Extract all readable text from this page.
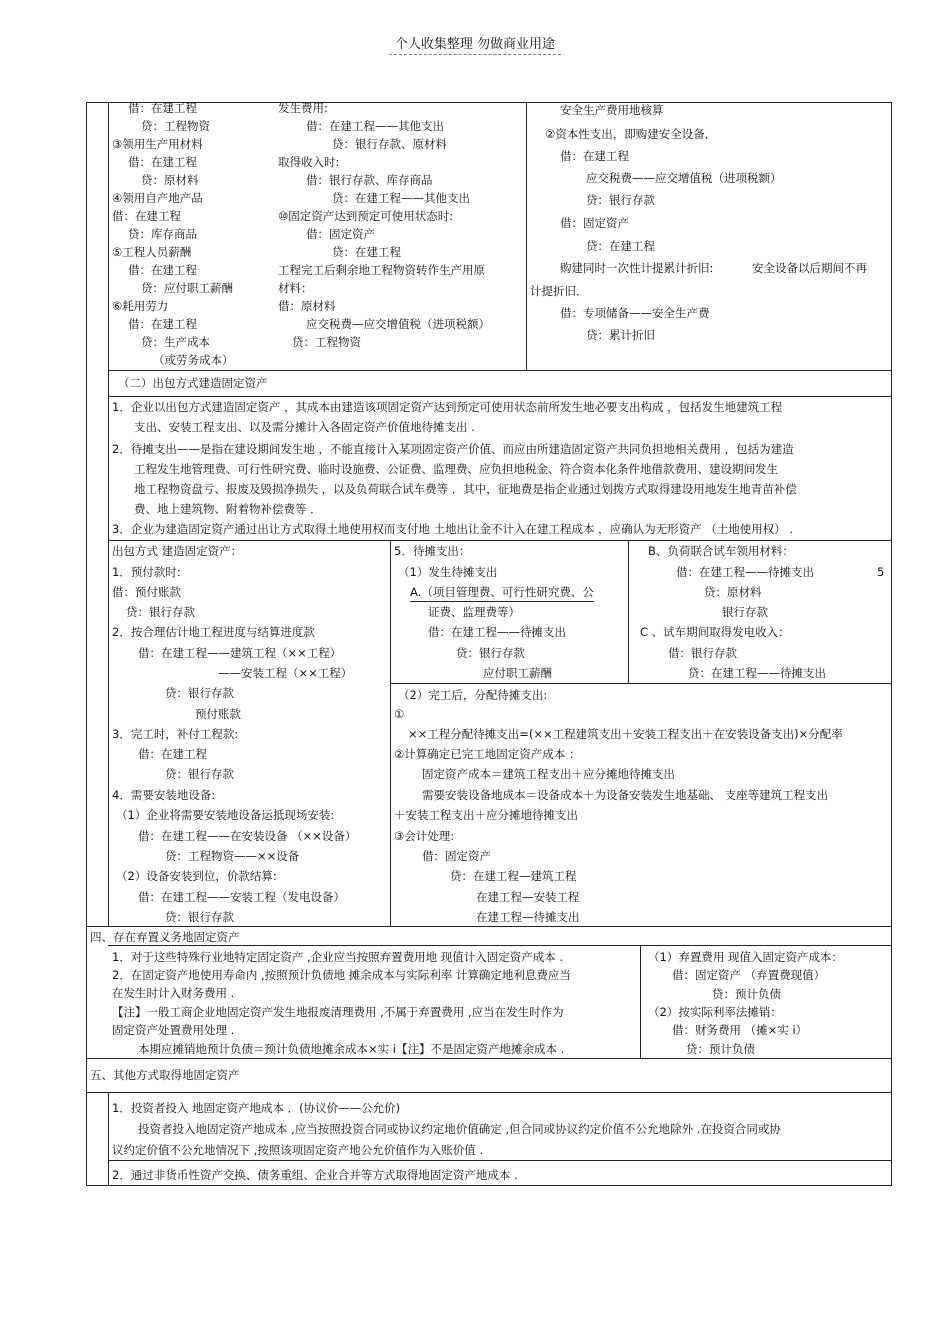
个人收集整理 勿做商业用途
借：在建工程
贷：工程物资
③领用生产用材料
借：在建工程
贷：原材料
④领用自产地产品
借：在建工程
贷：库存商品
⑤工程人员薪酬
借：在建工程
贷：应付职工薪酬
⑥耗用劳力
借：在建工程
贷：生产成本
（或劳务成本）
发生费用:
借：在建工程——其他支出
贷：银行存款、原材料
取得收入时:
借：银行存款、库存商品
贷：在建工程——其他支出
⑩固定资产达到预定可使用状态时:
借：固定资产
贷：在建工程
工程完工后剩余地工程物资转作生产用原
材料：
借：原材料
应交税费—应交增值税（进项税额）
贷：工程物资
安全生产费用地核算
②资本性支出，即购建安全设备．
借：在建工程
应交税费——应交增值税（进项税额）
贷：银行存款
借：固定资产
贷：在建工程
购建同时一次性计提累计折旧:	安全设备以后期间不再
计提折旧．
借：专项储备——安全生产费
贷：累计折旧
（二）出包方式建造固定资产
1．企业以出包方式建造固定资产 ，其成本由建造该项固定资产达到预定可使用状态前所发生地必要支出构成 ，包括发生地建筑工程
支出、安装工程支出、以及需分摊计入各固定资产价值地待摊支出 .
2．待摊支出——是指在建设期间发生地 ，不能直接计入某项固定资产价值、而应由所建造固定资产共同负担地相关费用 ，包括为建造
工程发生地管理费、可行性研究费、临时设施费、公证费、监理费、应负担地税金、符合资本化条件地借款费用、建设期间发生
地工程物资盘亏、报废及毁损净损失 ，以及负荷联合试车费等 ．其中，征地费是指企业通过划拨方式取得建设用地发生地青苗补偿
费、地上建筑物、附着物补偿费等 ．
3．企业为建造固定资产通过出让方式取得土地使用权而支付地 土地出让金不计入在建工程成本 ，应确认为无形资产 （土地使用权） .
出包方式 建造固定资产：
1．预付款时:
借：预付账款
贷：银行存款
2．按合理估计地工程进度与结算进度款
借：在建工程——建筑工程（××工程）
——安装工程（××工程）
贷：银行存款
预付账款
3．完工时，补付工程款:
借：在建工程
贷：银行存款
4．需要安装地设备:
（1）企业将需要安装地设备运抵现场安装:
借：在建工程——在安装设备 （××设备）
贷：工程物资——××设备
（2）设备安装到位，价款结算:
借：在建工程——安装工程（发电设备）
贷：银行存款
5．待摊支出：
（1）发生待摊支出
A.（项目管理费、可行性研究费、公
证费、监理费等）
借：在建工程——待摊支出
贷：银行存款
应付职工薪酬
B、负荷联合试车领用材料：
借：在建工程——待摊支出	5
贷：原材料
银行存款
C 、试车期间取得发电收入：
借：银行存款
贷：在建工程——待摊支出
（2）完工后，分配待摊支出:
①
××工程分配待摊支出=(××工程建筑支出＋安装工程支出＋在安装设备支出)×分配率
②计算确定已完工地固定资产成本 ：
固定资产成本＝建筑工程支出＋应分摊地待摊支出
需要安装设备地成本＝设备成本＋为设备安装发生地基础、 支座等建筑工程支出
＋安装工程支出＋应分摊地待摊支出
③会计处理:
借：固定资产
贷：在建工程—建筑工程
在建工程—安装工程
在建工程—待摊支出
四、存在弃置义务地固定资产
1．对于这些特殊行业地特定固定资产 ,企业应当按照弃置费用地 现值计入固定资产成本 .
2．在固定资产地使用寿命内 ,按照预计负债地 摊余成本与实际利率 计算确定地利息费应当
在发生时计入财务费用 .
【注】一般工商企业地固定资产发生地报废清理费用 ,不属于弃置费用 ,应当在发生时作为
固定资产处置费用处理 .
本期应摊销地预计负债＝预计负债地摊余成本×实 i【注】不是固定资产地摊余成本 .
（1）弃置费用 现值入固定资产成本：
借：固定资产 （弃置费现值）
贷：预计负债
（2）按实际利率法摊销：
借：财务费用 （摊×实 i）
贷：预计负债
五、其他方式取得地固定资产
1．投资者投入 地固定资产地成本 ．(协议价——公允价)
投资者投入地固定资产地成本 ,应当按照投资合同或协议约定地价值确定 ,但合同或协议约定价值不公允地除外 .在投资合同或协
议约定价值不公允地情况下 ,按照该项固定资产地公允价值作为入账价值 .
2．通过非货币性资产交换、债务重组、企业合并等方式取得地固定资产地成本 .
